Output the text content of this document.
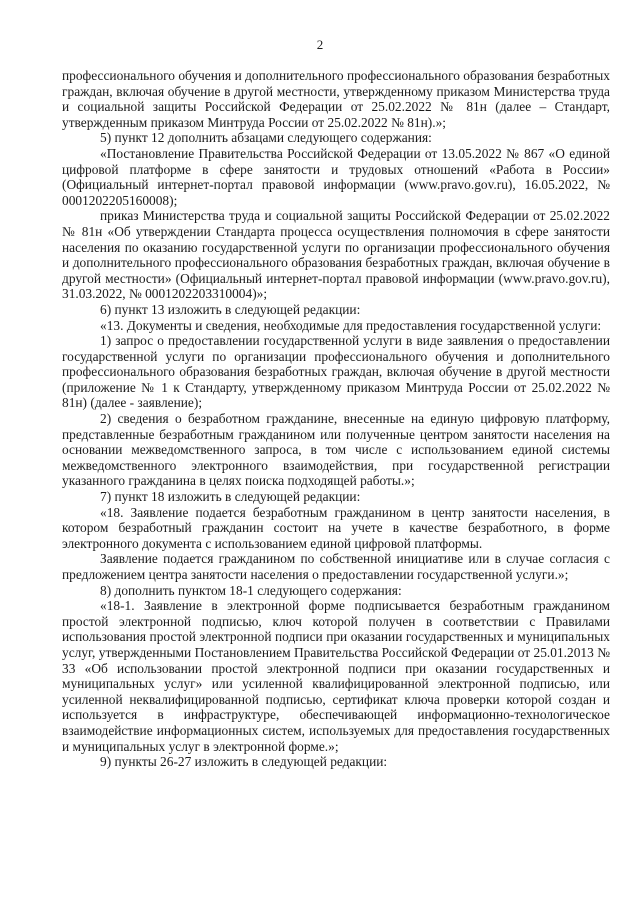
2

профессионального обучения и дополнительного профессионального образования безработных граждан, включая обучение в другой местности, утвержденному приказом Министерства труда и социальной защиты Российской Федерации от 25.02.2022 № 81н (далее – Стандарт, утвержденным приказом Минтруда России от 25.02.2022 № 81н).»;

5) пункт 12 дополнить абзацами следующего содержания:

«Постановление Правительства Российской Федерации от 13.05.2022 № 867 «О единой цифровой платформе в сфере занятости и трудовых отношений «Работа в России» (Официальный интернет-портал правовой информации (www.pravo.gov.ru), 16.05.2022, № 0001202205160008);

приказ Министерства труда и социальной защиты Российской Федерации от 25.02.2022 № 81н «Об утверждении Стандарта процесса осуществления полномочия в сфере занятости населения по оказанию государственной услуги по организации профессионального обучения и дополнительного профессионального образования безработных граждан, включая обучение в другой местности» (Официальный интернет-портал правовой информации (www.pravo.gov.ru), 31.03.2022, № 0001202203310004)»;

6) пункт 13 изложить в следующей редакции:

«13. Документы и сведения, необходимые для предоставления государственной услуги:

1) запрос о предоставлении государственной услуги в виде заявления о предоставлении государственной услуги по организации профессионального обучения и дополнительного профессионального образования безработных граждан, включая обучение в другой местности (приложение № 1 к Стандарту, утвержденному приказом Минтруда России от 25.02.2022 № 81н) (далее - заявление);

2) сведения о безработном гражданине, внесенные на единую цифровую платформу, представленные безработным гражданином или полученные центром занятости населения на основании межведомственного запроса, в том числе с использованием единой системы межведомственного электронного взаимодействия, при государственной регистрации указанного гражданина в целях поиска подходящей работы.»;

7) пункт 18 изложить в следующей редакции:

«18. Заявление подается безработным гражданином в центр занятости населения, в котором безработный гражданин состоит на учете в качестве безработного, в форме электронного документа с использованием единой цифровой платформы.

Заявление подается гражданином по собственной инициативе или в случае согласия с предложением центра занятости населения о предоставлении государственной услуги.»;

8) дополнить пунктом 18-1 следующего содержания:

«18-1. Заявление в электронной форме подписывается безработным гражданином простой электронной подписью, ключ которой получен в соответствии с Правилами использования простой электронной подписи при оказании государственных и муниципальных услуг, утвержденными Постановлением Правительства Российской Федерации от 25.01.2013 № 33 «Об использовании простой электронной подписи при оказании государственных и муниципальных услуг» или усиленной квалифицированной электронной подписью, или усиленной неквалифицированной подписью, сертификат ключа проверки которой создан и используется в инфраструктуре, обеспечивающей информационно-технологическое взаимодействие информационных систем, используемых для предоставления государственных и муниципальных услуг в электронной форме.»;

9) пункты 26-27 изложить в следующей редакции:
